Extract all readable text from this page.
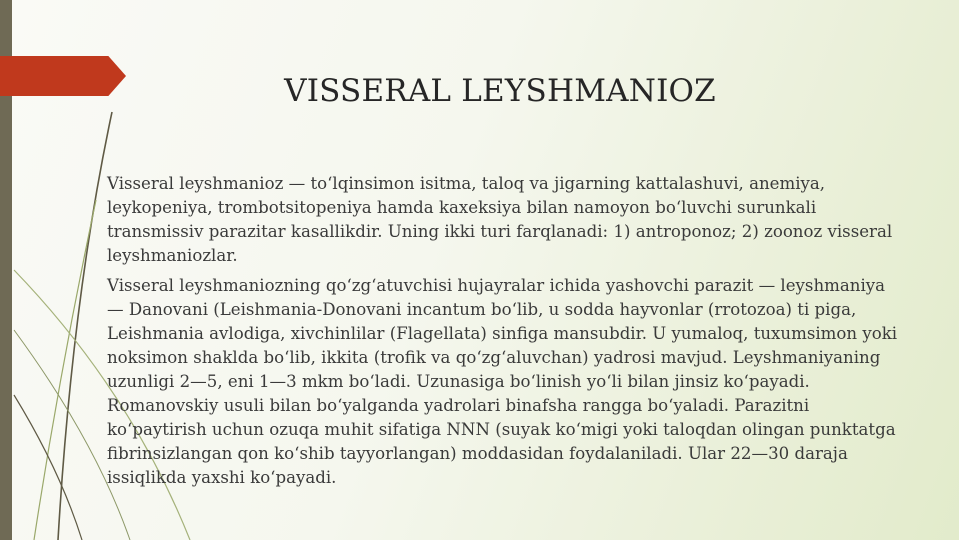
VISSERAL LEYSHMANIOZ

Visseral leyshmanioz — toʻlqinsimon isitma, taloq va jigarning kattalashuvi, anemiya, leykopeniya, trombotsitopeniya hamda kaxeksiya bilan namoyon boʻluvchi surunkali transmissiv parazitar kasallikdir. Uning ikki turi farqlanadi: 1) antroponoz; 2) zoonoz visseral leyshmaniozlar.

Visseral leyshmaniozning qoʻzgʻatuvchisi hujayralar ichida yashovchi parazit — leyshmaniya — Danovani (Leishmania-Donovani incantum boʻlib, u sodda hayvonlar (rrotozoa) ti piga, Leishmania avlodiga, xivchinlilar (Flagellata) sinfiga mansubdir. U yumaloq, tuxumsimon yoki noksimon shaklda boʻlib, ikkita (trofik va qoʻzgʻaluvchan) yadrosi mavjud. Leyshmaniyaning uzunligi 2—5, eni 1—3 mkm boʻladi. Uzunasiga boʻlinish yoʻli bilan jinsiz koʻpayadi. Romanovskiy usuli bilan boʻyalganda yadrolari binafsha rangga boʻyaladi. Parazitni koʻpaytirish uchun ozuqa muhit sifatiga NNN (suyak koʻmigi yoki taloqdan olingan punktatga fibrinsizlangan qon koʻshib tayyorlangan) moddasidan foydalaniladi. Ular 22—30 daraja issiqlikda yaxshi koʻpayadi.
